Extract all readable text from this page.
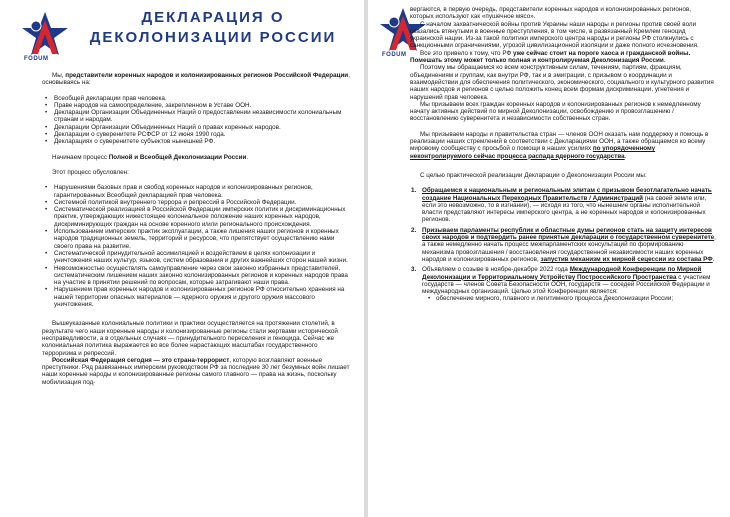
FODUM
ДЕКЛАРАЦИЯ О
ДЕКОЛОНИЗАЦИИ РОССИИ

Мы, представители коренных народов и колонизированных регионов Российской Федерации, основываясь на:

• Всеобщей декларации прав человека.
• Праве народов на самоопределение, закрепленном в Уставе ООН.
• Декларации Организации Объединенных Наций о предоставлении независимости колониальным странам и народам.
• Декларации Организации Объединенных Наций о правах коренных народов.
• Декларации о суверенитете РСФСР от 12 июня 1990 года.
• Декларациях о суверенитете субъектов нынешней РФ.

Начинаем процесс Полной и Всеобщей Деколонизации России.

Этот процесс обусловлен:

• Нарушениями базовых прав и свобод коренных народов и колонизированных регионов, гарантированных Всеобщей декларацией прав человека.
• Системной политикой внутреннего террора и репрессий в Российской Федерации.
• Систематической реализацией в Российской Федерации имперских политик и дискриминационных практик, утверждающих нижестоящее колониальное положение наших коренных народов, дискриминирующих граждан на основе коренного и/или регионального происхождения.
• Использованием имперских практик эксплуатации, а также лишения наших регионов и коренных народов традиционных земель, территорий и ресурсов, что препятствует осуществлению нами своего права на развитие.
• Систематической принудительной ассимиляцией и воздействием в целях колонизации и уничтожения наших культур, языков, систем образования и других важнейших сторон нашей жизни.
• Невозможностью осуществлять самоуправление через свои законно избранных представителей, систематическим лишением наших законно колонизированных регионов и коренных народов права на участие в принятии решений по вопросам, которые затрагивают наши права.
• Нарушением прав коренных народов и колонизированных регионов РФ относительно хранения на нашей территории опасных материалов — ядерного оружия и другого оружия массового уничтожения.

Вышеуказанные колониальные политики и практики осуществляется на протяжении столетий, в результате чего наши коренные народы и колонизированные регионы стали жертвами исторической несправедливости, а в отдельных случаях — принудительного переселения и геноцида. Сейчас же колониальная политика выражается во все более нарастающих масштабах государственного терроризма и репрессий.

Российская Федерация сегодня — это страна-террорист, которую возглавляют военные преступники. Ряд развязанных имперским руководством РФ за последние 30 лет безумных войн лишает наши коренные народы и колонизированные регионы самого главного — права на жизнь, поскольку мобилизация под-

FODUM

вергаются, в первую очередь, представители коренных народов и колонизированных регионов, которых используют как «пушечное мясо».

С началом захватнической войны против Украины наши народы и регионы против своей воли оказались втянутыми в военные преступления, в том числе, в развязанный Кремлем геноцид украинской нации. Из-за такой политики имперского центра народы и регионы РФ столкнулись с санкционными ограничениями, угрозой цивилизационной изоляции и даже полного исчезновения.

Все это привело к тому, что РФ уже сейчас стоит на пороге хаоса и гражданской войны. Помешать этому может только полная и контролируемая Деколонизация России.

Поэтому мы обращаемся ко всем конструктивным силам, течениям, партиям, фракциям, объединениям и группам, как внутри РФ, так и в эмиграции, с призывом о координации и взаимодействии для обеспечения политического, экономического, социального и культурного развития наших народов и регионов с целью положить конец всем формам дискриминации, угнетения и нарушений прав человека.

Мы призываем всех граждан коренных народов и колонизированных регионов к немедленному начату активных действий по мирной Деколонизации, освобождению и провозглашению / восстановлению суверенитета и независимости собственных стран.

Мы призываем народы и правительства стран — членов ООН оказать нам поддержку и помощь в реализации наших стремлений в соответствии с Декларациями ООН, а также обращаемся ко всему мировому сообществу с просьбой о помощи в наших усилиях по упорядоченному неконтролируемого сейчас процесса распада ядерного государства.

С целью практической реализации Декларации о Деколонизации России мы:

1. Обращаемся к национальным и региональным элитам с призывом безотлагательно начать создание Национальных Переходных Правительств / Администраций (на своей земле или, если это невозможно, то в изгнании), — исходя из того, что нынешние органы исполнительной власти представляют интересы имперского центра, а не коренных народов и колонизированных регионов.
2. Призываем парламенты республик и областные думы регионов стать на защиту интересов своих народов и подтвердить ранее принятые декларации о государственном суверенитете, а также немедленно начать процесс межпарламентских консультаций по формированию механизма провозглашения / восстановления государственной независимости наших коренных народов и колонизированных регионов, запустив механизм их мирной сецессии из состава РФ.
3. Объявляем о созыве в ноябре-декабре 2022 года Международной Конференции по Мирной Деколонизации и Территориальному Устройству Построссийского Пространства с участием государств — членов Совета Безопасности ООН, государств — соседей Российской Федерации и международных организаций. Целью этой Конференции является:
• обеспечение мирного, плавного и легитимного процесса Деколонизации России;
